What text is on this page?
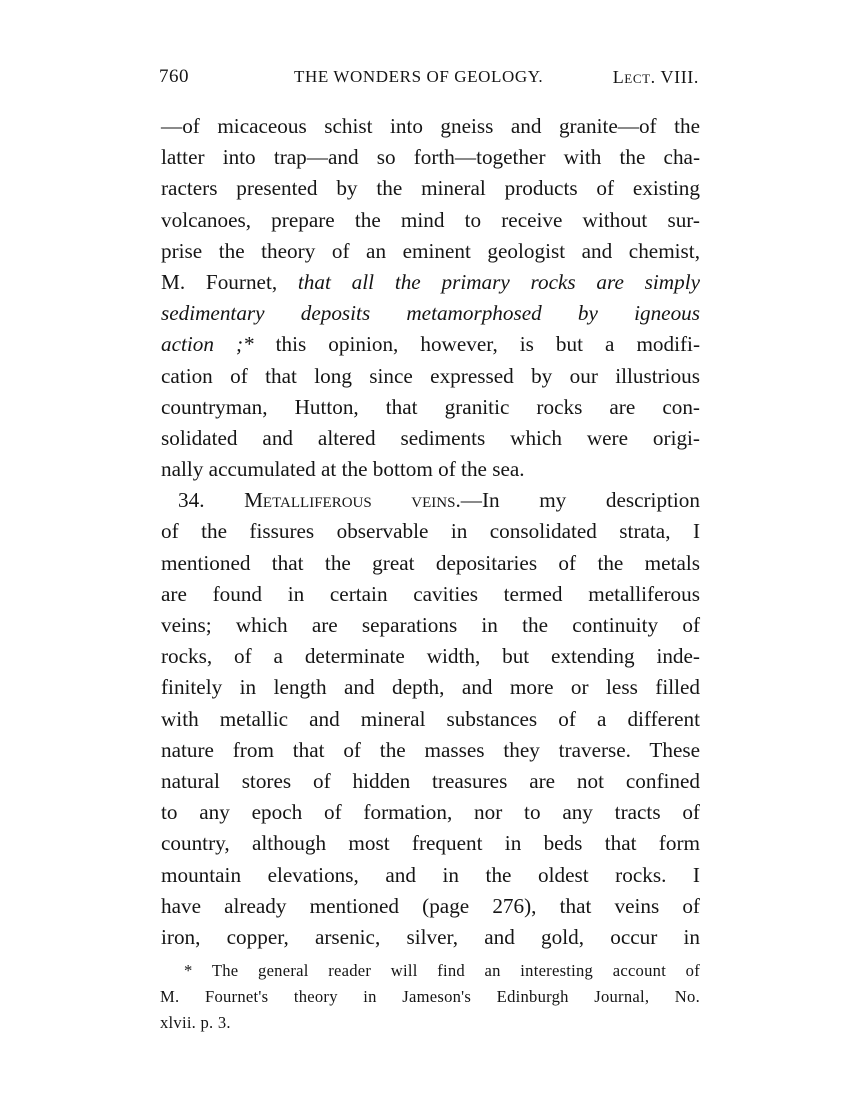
760	THE WONDERS OF GEOLOGY.	Lect. VIII.
—of micaceous schist into gneiss and granite—of the
latter into trap—and so forth—together with the cha-
racters presented by the mineral products of existing
volcanoes, prepare the mind to receive without sur-
prise the theory of an eminent geologist and chemist,
M. Fournet, that all the primary rocks are simply
sedimentary deposits metamorphosed by igneous
action ;* this opinion, however, is but a modifi-
cation of that long since expressed by our illustrious
countryman, Hutton, that granitic rocks are con-
solidated and altered sediments which were origi-
nally accumulated at the bottom of the sea.
34. Metalliferous veins.—In my description
of the fissures observable in consolidated strata, I
mentioned that the great depositaries of the metals
are found in certain cavities termed metalliferous
veins; which are separations in the continuity of
rocks, of a determinate width, but extending inde-
finitely in length and depth, and more or less filled
with metallic and mineral substances of a different
nature from that of the masses they traverse. These
natural stores of hidden treasures are not confined
to any epoch of formation, nor to any tracts of
country, although most frequent in beds that form
mountain elevations, and in the oldest rocks. I
have already mentioned (page 276), that veins of
iron, copper, arsenic, silver, and gold, occur in
* The general reader will find an interesting account of
M. Fournet's theory in Jameson's Edinburgh Journal, No.
xlvii. p. 3.
